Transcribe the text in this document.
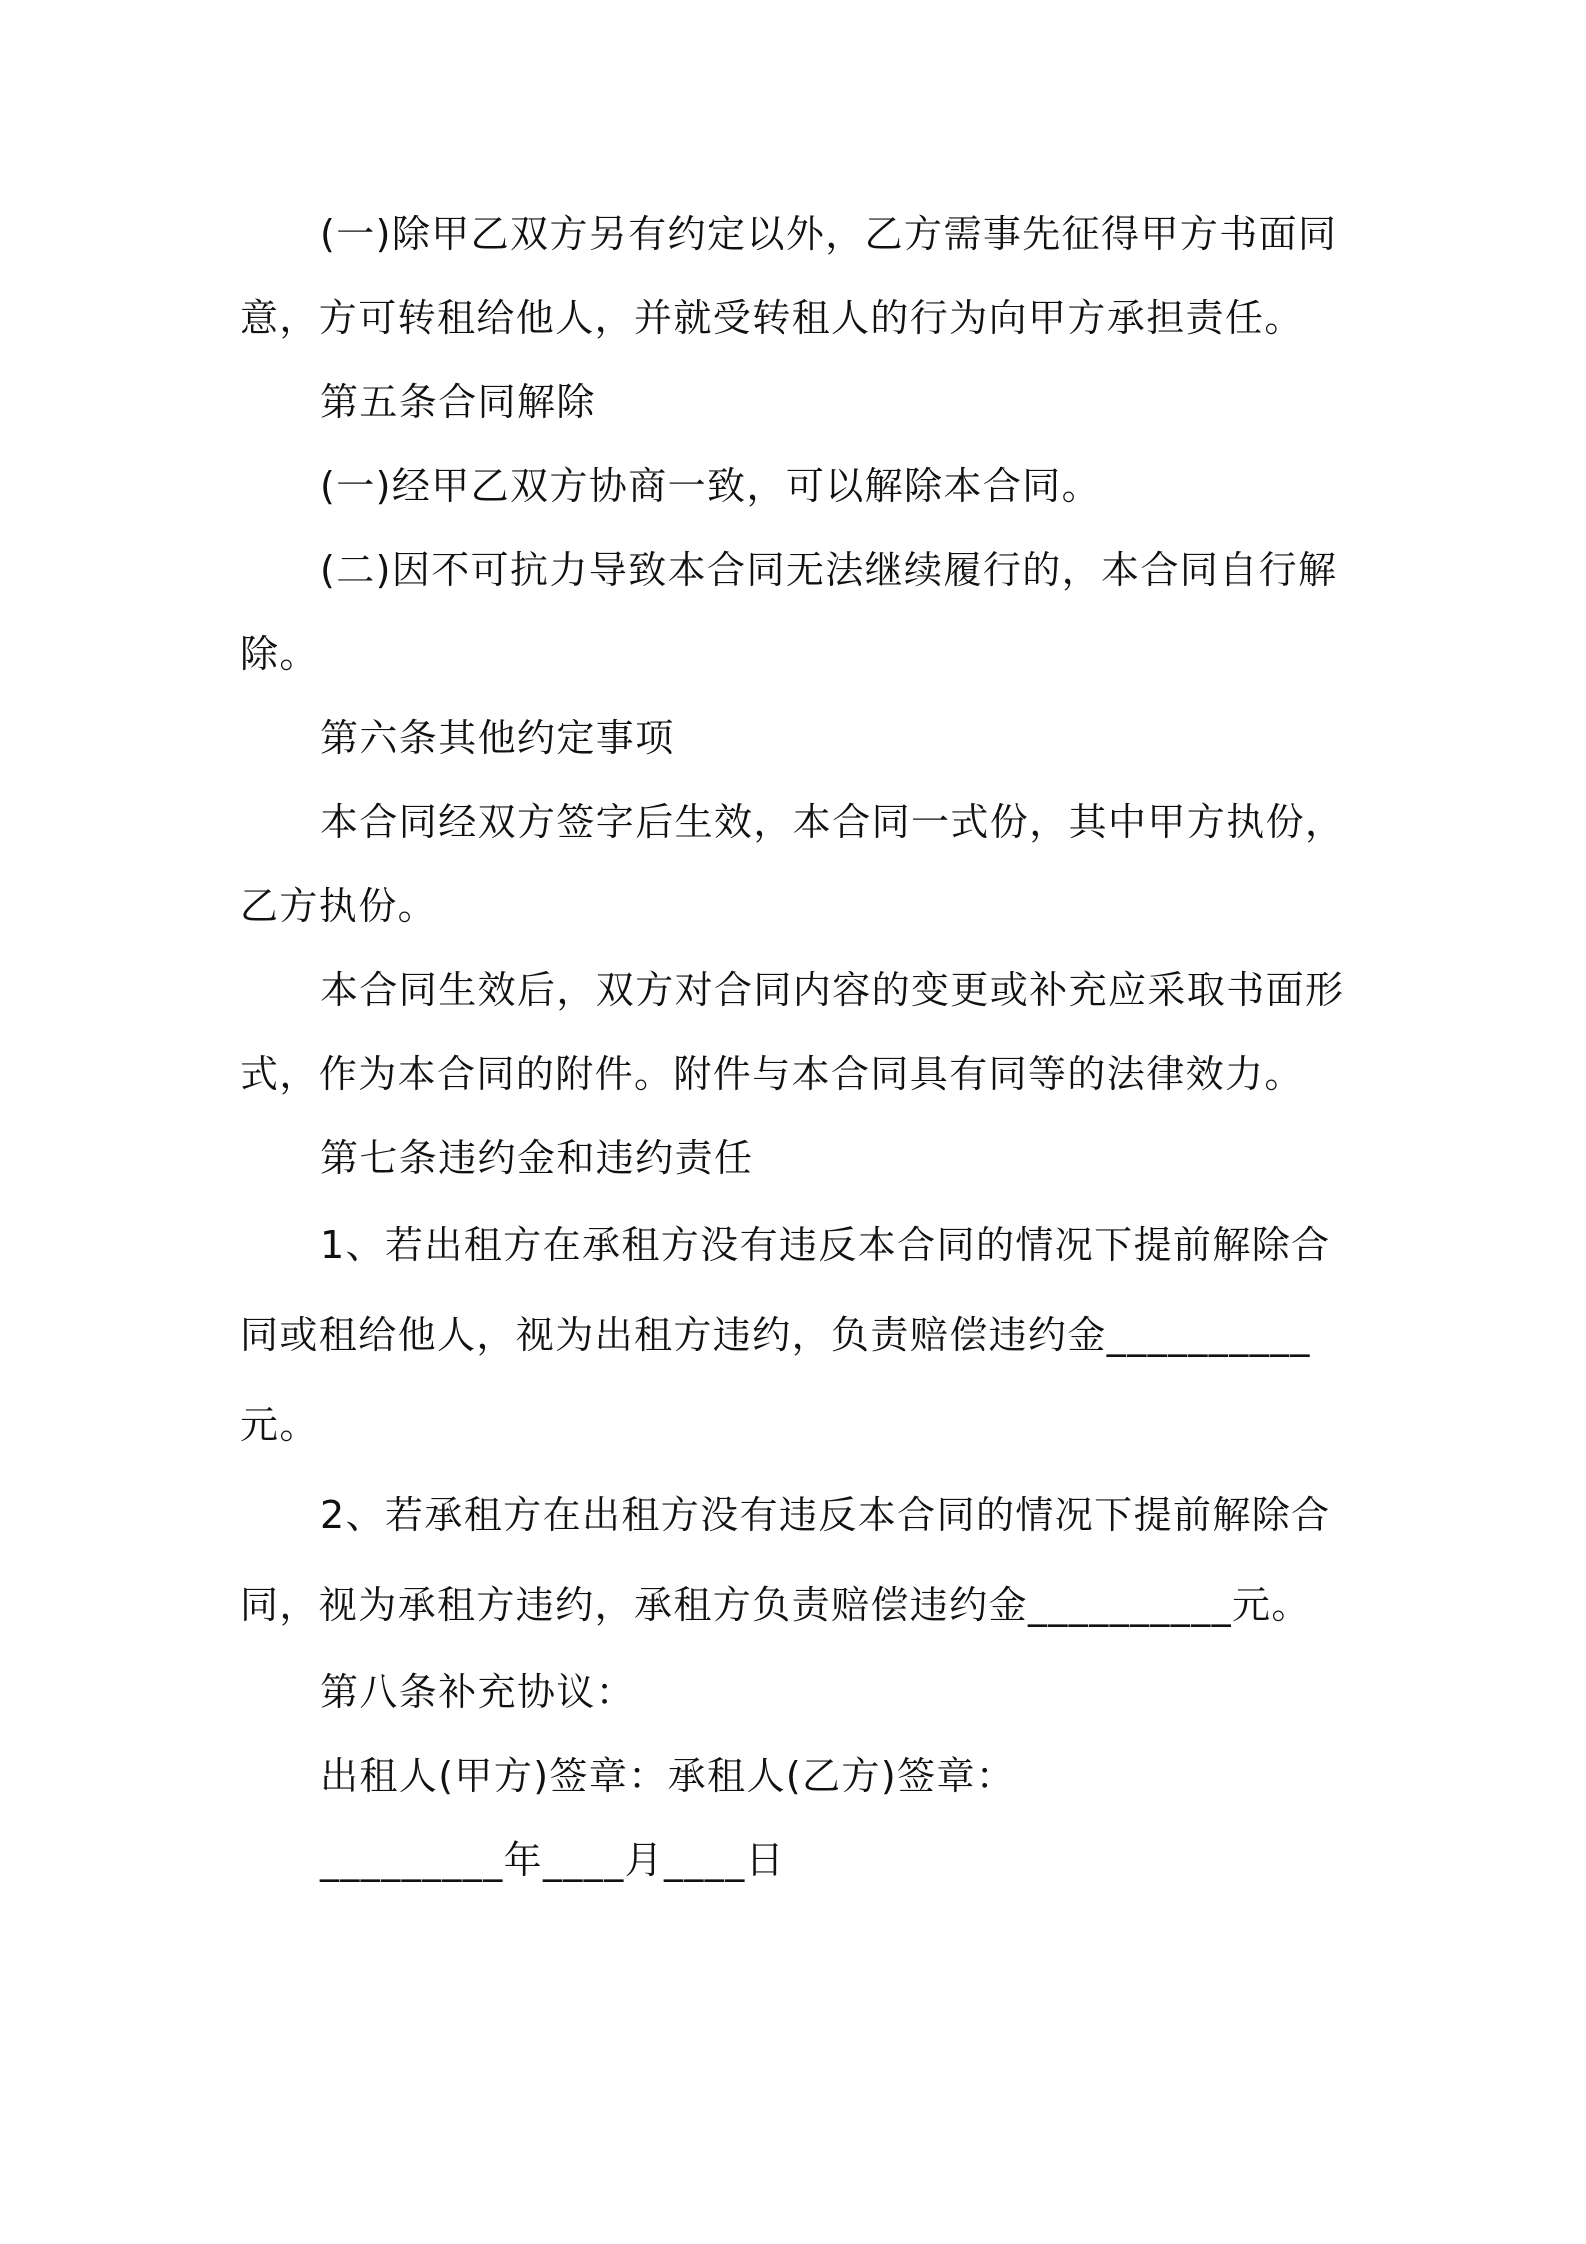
(一)除甲乙双方另有约定以外，乙方需事先征得甲方书面同意，方可转租给他人，并就受转租人的行为向甲方承担责任。

第五条合同解除

(一)经甲乙双方协商一致，可以解除本合同。

(二)因不可抗力导致本合同无法继续履行的，本合同自行解除。

第六条其他约定事项

本合同经双方签字后生效，本合同一式份，其中甲方执份，乙方执份。

本合同生效后，双方对合同内容的变更或补充应采取书面形式，作为本合同的附件。附件与本合同具有同等的法律效力。

第七条违约金和违约责任

1、若出租方在承租方没有违反本合同的情况下提前解除合同或租给他人，视为出租方违约，负责赔偿违约金__________元。

2、若承租方在出租方没有违反本合同的情况下提前解除合同，视为承租方违约，承租方负责赔偿违约金__________元。

第八条补充协议：

出租人(甲方)签章：承租人(乙方)签章：

_________年____月____日
